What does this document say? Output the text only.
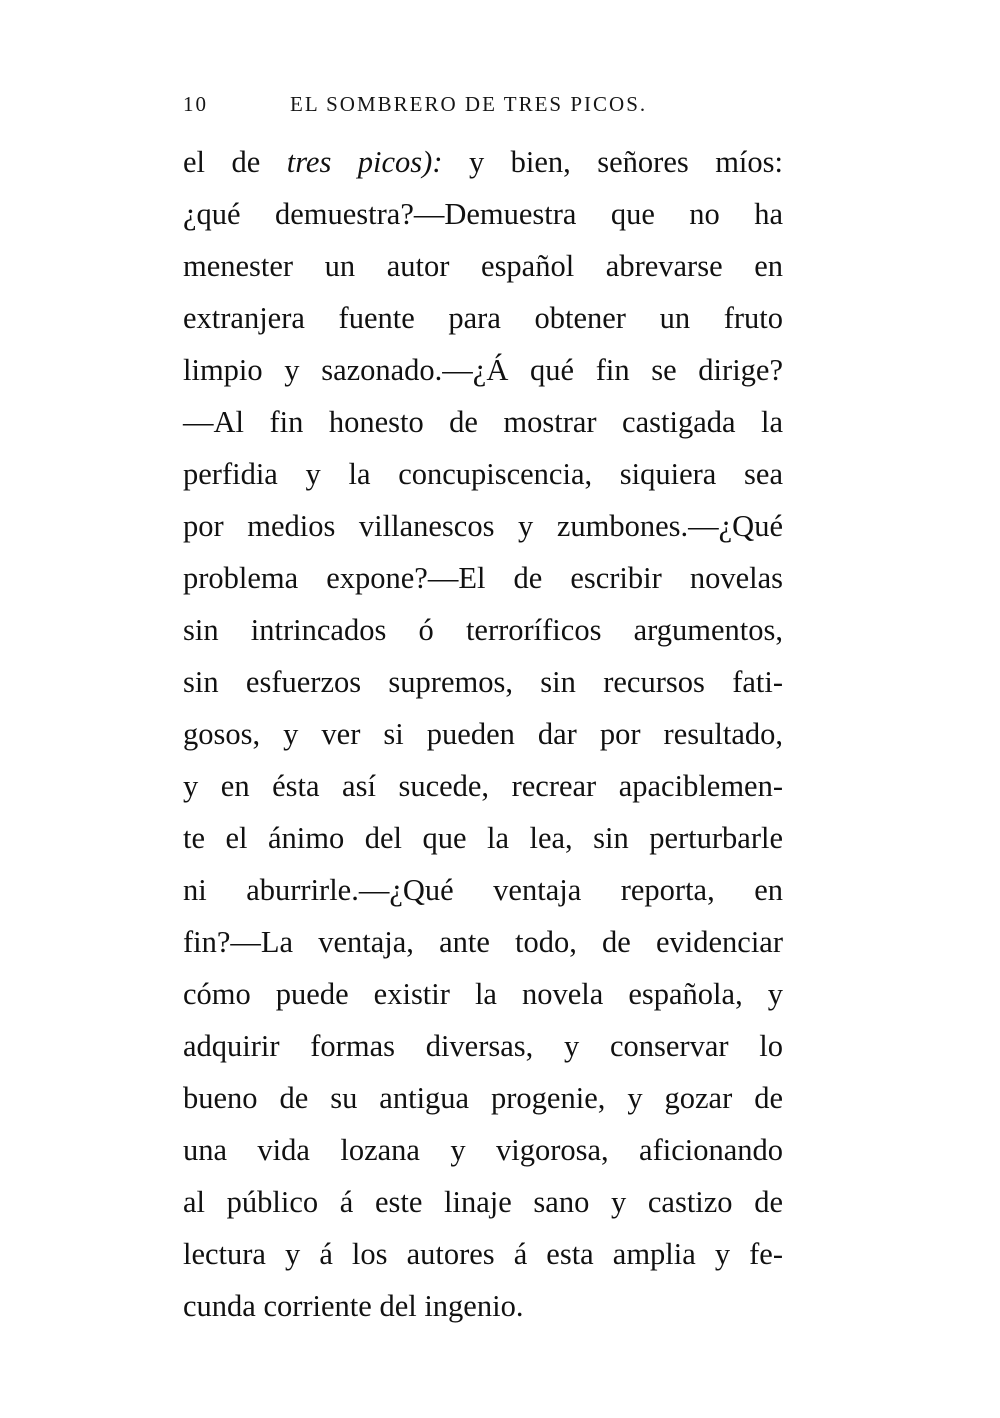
10	EL SOMBRERO DE TRES PICOS.
el de tres picos): y bien, señores míos:
¿qué demuestra?—Demuestra que no ha
menester un autor español abrevarse en
extranjera fuente para obtener un fruto
limpio y sazonado.—¿Á qué fin se dirige?
—Al fin honesto de mostrar castigada la
perfidia y la concupiscencia, siquiera sea
por medios villanescos y zumbones.—¿Qué
problema expone?—El de escribir novelas
sin intrincados ó terroríficos argumentos,
sin esfuerzos supremos, sin recursos fati-
gosos, y ver si pueden dar por resultado,
y en ésta así sucede, recrear apaciblemen-
te el ánimo del que la lea, sin perturbarle
ni aburrirle.—¿Qué ventaja reporta, en
fin?—La ventaja, ante todo, de evidenciar
cómo puede existir la novela española, y
adquirir formas diversas, y conservar lo
bueno de su antigua progenie, y gozar de
una vida lozana y vigorosa, aficionando
al público á este linaje sano y castizo de
lectura y á los autores á esta amplia y fe-
cunda corriente del ingenio.
